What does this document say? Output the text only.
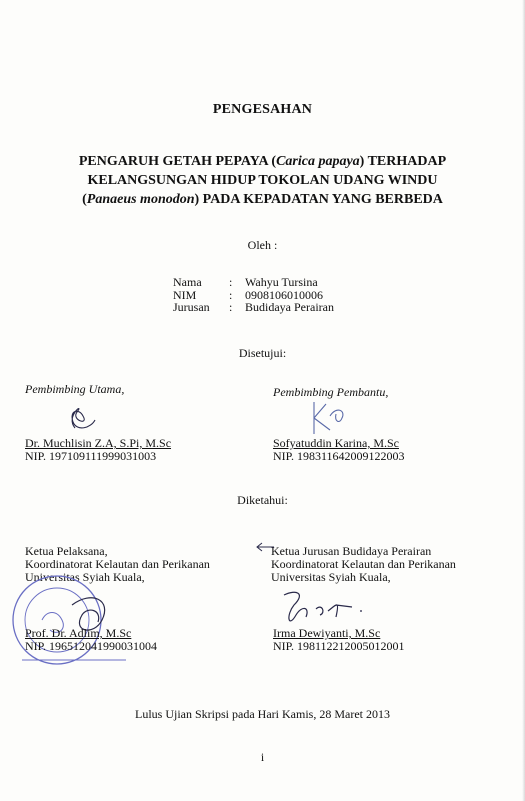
PENGESAHAN
PENGARUH GETAH PEPAYA (Carica papaya) TERHADAP
KELANGSUNGAN HIDUP TOKOLAN UDANG WINDU
(Panaeus monodon) PADA KEPADATAN YANG BERBEDA
Oleh :
Nama	:	Wahyu Tursina
NIM	:	0908106010006
Jurusan	:	Budidaya Perairan
Disetujui:
Pembimbing Utama,
Dr. Muchlisin Z.A, S.Pi, M.Sc
NIP. 197109111999031003
Pembimbing Pembantu,
Sofyatuddin Karina, M.Sc
NIP. 198311642009122003
Diketahui:
Ketua Pelaksana,
Koordinatorat Kelautan dan Perikanan
Universitas Syiah Kuala,
Prof. Dr. Adlim, M.Sc
NIP. 196512041990031004
Ketua Jurusan Budidaya Perairan
Koordinatorat Kelautan dan Perikanan
Universitas Syiah Kuala,
Irma Dewiyanti, M.Sc
NIP. 198112212005012001
Lulus Ujian Skripsi pada Hari Kamis, 28 Maret 2013
i
